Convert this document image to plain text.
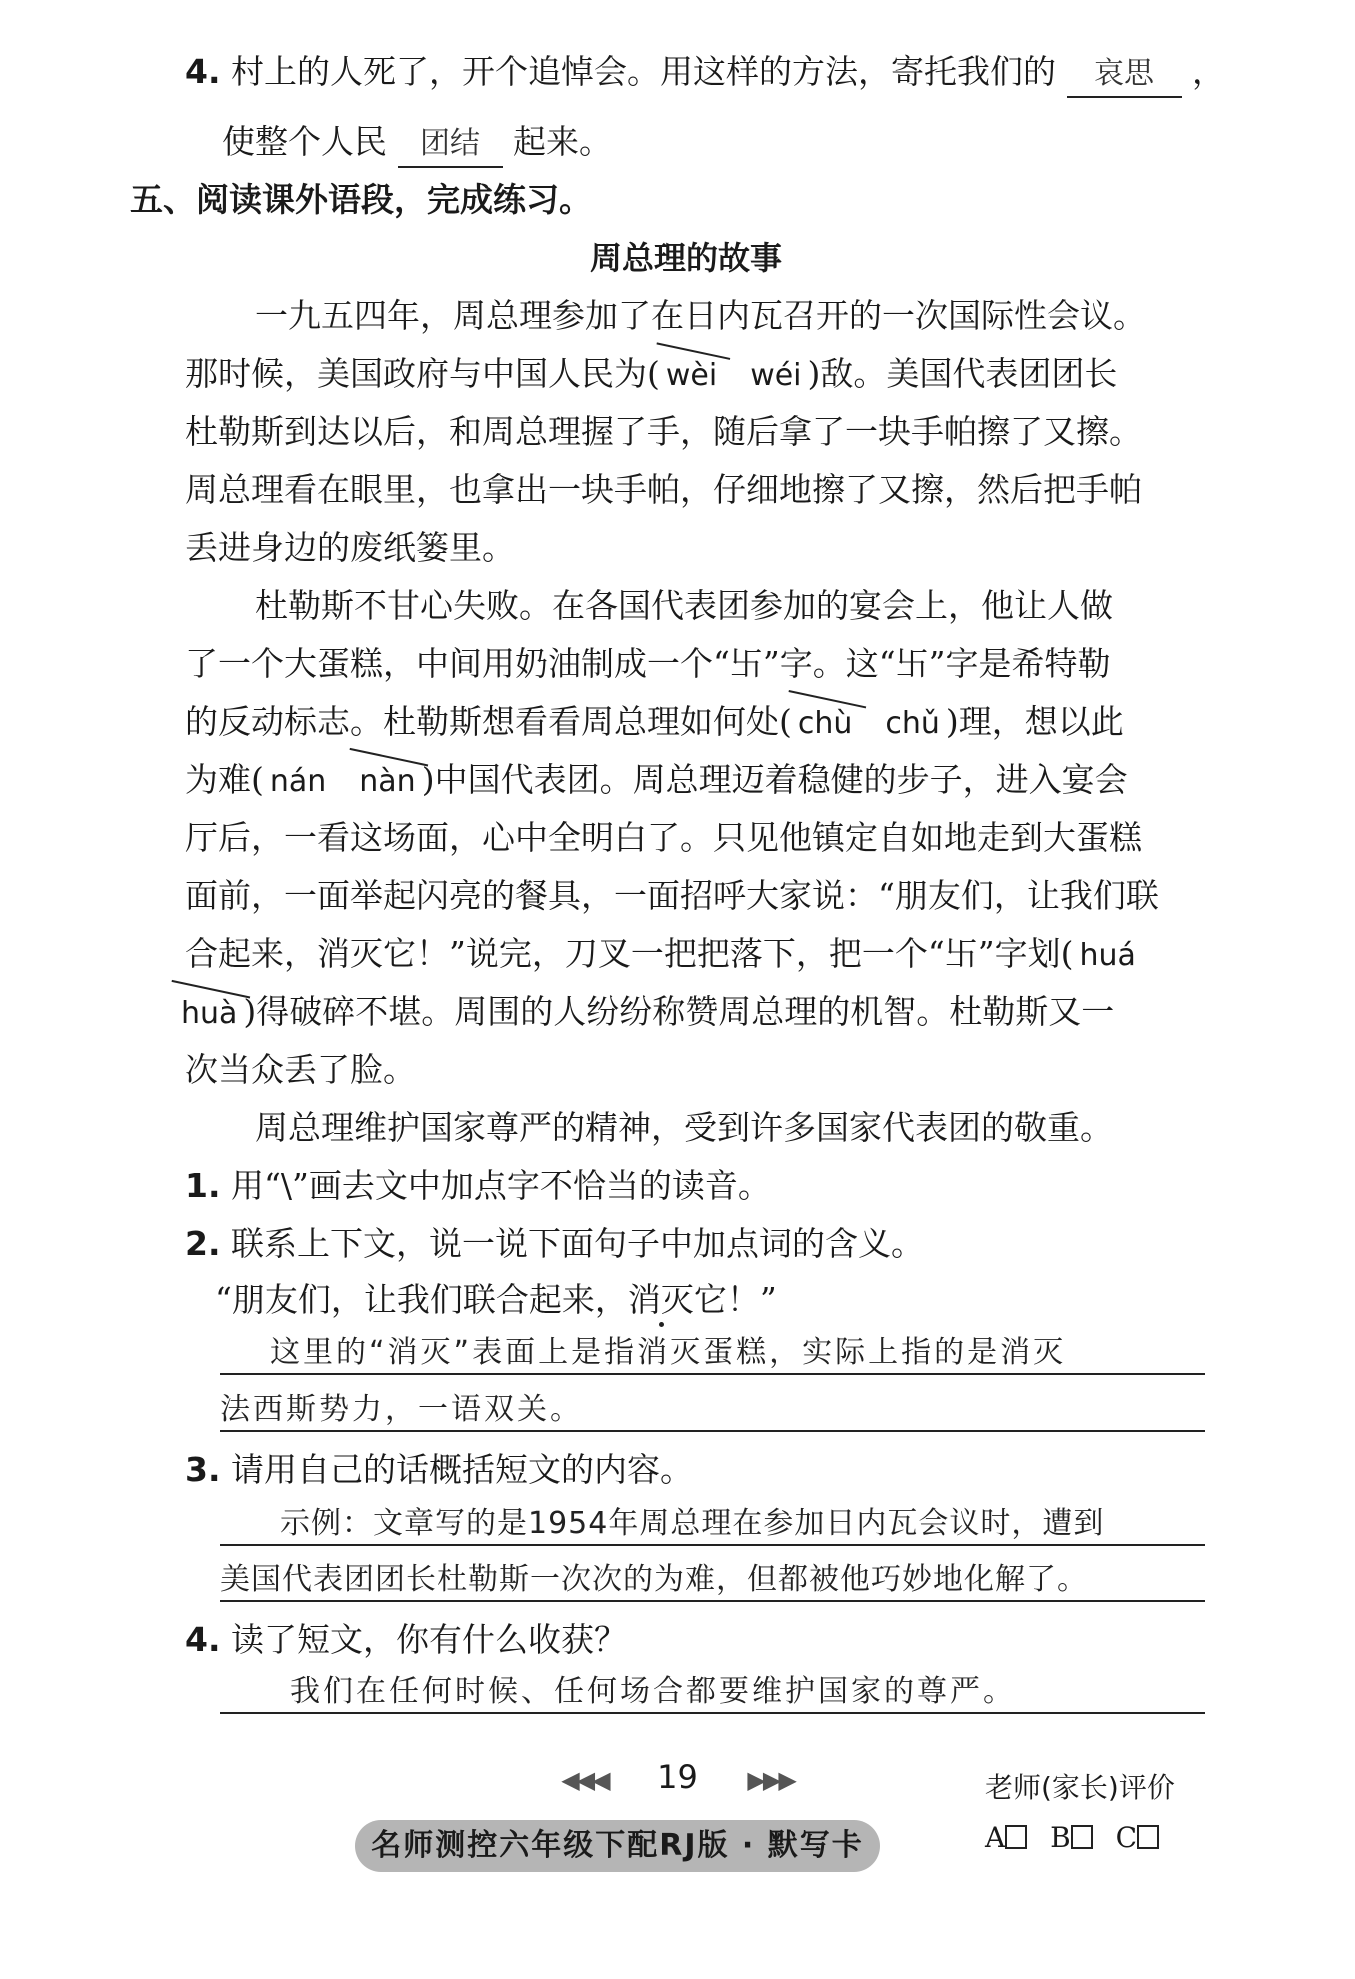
4. 村上的人死了，开个追悼会。用这样的方法，寄托我们的 哀思 ，
使整个人民 团结 起来。
五、阅读课外语段，完成练习。
周总理的故事
一九五四年，周总理参加了在日内瓦召开的一次国际性会议。
那时候，美国政府与中国人民为( wèi wéi )敌。美国代表团团长
杜勒斯到达以后，和周总理握了手，随后拿了一块手帕擦了又擦。
周总理看在眼里，也拿出一块手帕，仔细地擦了又擦，然后把手帕
丢进身边的废纸篓里。
杜勒斯不甘心失败。在各国代表团参加的宴会上，他让人做
了一个大蛋糕，中间用奶油制成一个“卐”字。这“卐”字是希特勒
的反动标志。杜勒斯想看看周总理如何处( chù chǔ )理，想以此
为难( nán nàn )中国代表团。周总理迈着稳健的步子，进入宴会
厅后，一看这场面，心中全明白了。只见他镇定自如地走到大蛋糕
面前，一面举起闪亮的餐具，一面招呼大家说：“朋友们，让我们联
合起来，消灭它！”说完，刀叉一把把落下，把一个“卐”字划( huá
huà )得破碎不堪。周围的人纷纷称赞周总理的机智。杜勒斯又一
次当众丢了脸。
周总理维护国家尊严的精神，受到许多国家代表团的敬重。
1. 用“\”画去文中加点字不恰当的读音。
2. 联系上下文，说一说下面句子中加点词的含义。
“朋友们，让我们联合起来，消灭它！”
这里的“消灭”表面上是指消灭蛋糕，实际上指的是消灭
法西斯势力，一语双关。
3. 请用自己的话概括短文的内容。
示例：文章写的是1954年周总理在参加日内瓦会议时，遭到
美国代表团团长杜勒斯一次次的为难，但都被他巧妙地化解了。
4. 读了短文，你有什么收获？
我们在任何时候、任何场合都要维护国家的尊严。
◀◀◀ 19 ▶▶▶
名师测控六年级下配RJ版 · 默写卡
老师(家长)评价
A B C
